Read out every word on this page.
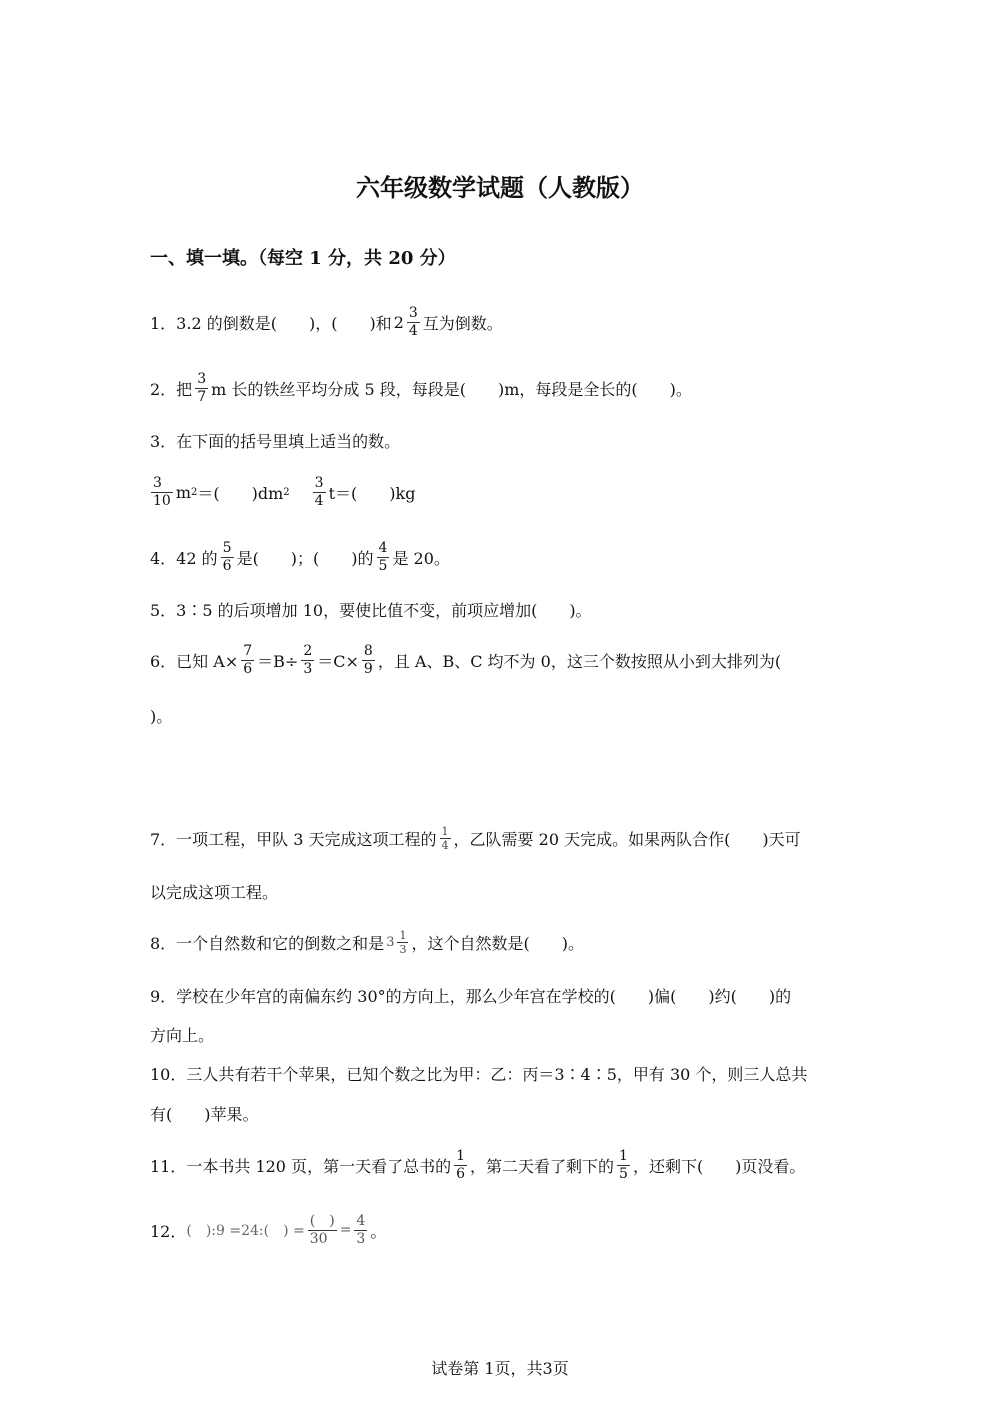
六年级数学试题（人教版）
一、填一填。（每空 1 分，共 20 分）
1．3.2 的倒数是(　　)，(　　)和 $2 \frac{3}{4}$ 互为倒数。
2．把 $\frac{3}{7}$ m 长的铁丝平均分成 5 段，每段是(　　)m，每段是全长的(　　)。
3．在下面的括号里填上适当的数。
$\frac{3}{10}$ m 2 ＝(　　)dm $2 \frac{3}{4} t=$(　　)kg
4．42 的 $\frac{5}{6}$ 是(　　)；(　　)的 $\frac{4}{5}$ 是 20。
5．3∶5 的后项增加 10，要使比值不变，前项应增加(　　)。
6．已知 $A\times \frac{7}{6} =B\div \frac{2}{3} =C\times \frac{8}{9}$ ，且 A、B、C 均不为 0，这三个数按照从小到大排列为(
)。
7．一项工程，甲队 3 天完成这项工程的 $\frac{1}{4}$ ，乙队需要 20 天完成。如果两队合作(　　)天可
以完成这项工程。
8．一个自然数和它的倒数之和是 $3 \frac{1}{3}$ ，这个自然数是(　　)。
9．学校在少年宫的南偏东约 30°的方向上，那么少年宫在学校的(　　)偏(　　)约(　　)的
方向上。
10．三人共有若干个苹果，已知个数之比为甲：乙：丙＝3∶4∶5，甲有 30 个，则三人总共
有(　　)苹果。
11．一本书共 120 页，第一天看了总书的 $\frac{1}{6}$ ，第二天看了剩下的 $\frac{1}{5}$ ，还剩下(　　)页没看。
12． (　):9 =24:(　) = $\frac{( )}{30} = \frac{4}{3}$ 。
试卷第 1页，共3页
